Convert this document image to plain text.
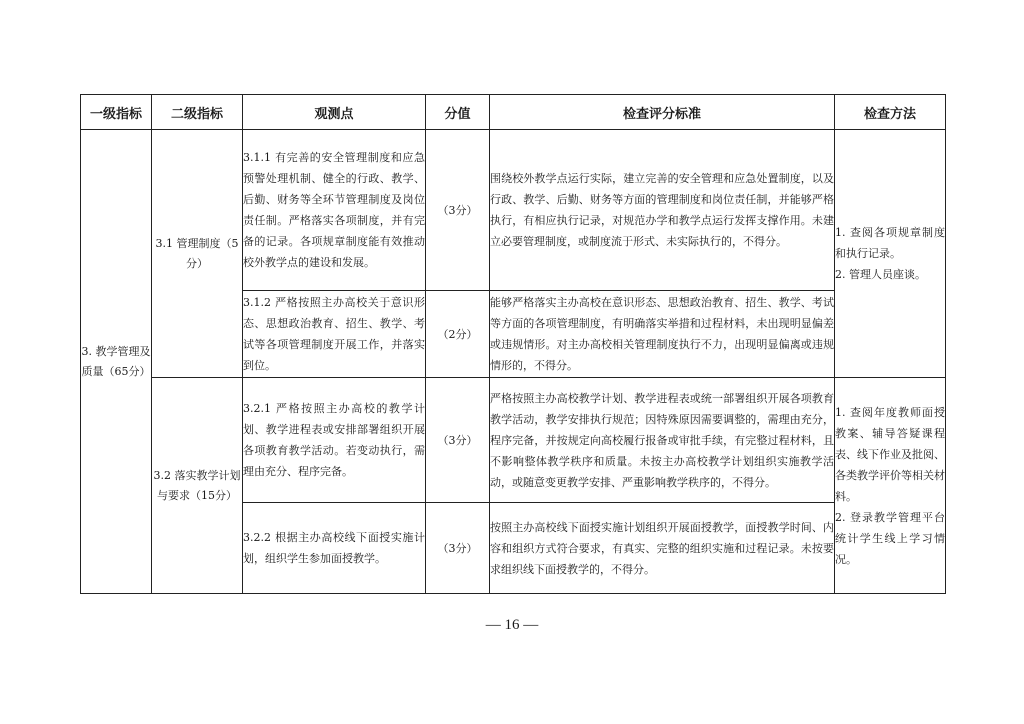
一级指标	二级指标	观测点	分值	检查评分标准	检查方法
3. 教学管理及质量（65分）	3.1 管理制度（5分）	3.1.1 有完善的安全管理制度和应急预警处理机制、健全的行政、教学、后勤、财务等全环节管理制度及岗位责任制。严格落实各项制度，并有完备的记录。各项规章制度能有效推动校外教学点的建设和发展。	（3分）	围绕校外教学点运行实际，建立完善的安全管理和应急处置制度，以及行政、教学、后勤、财务等方面的管理制度和岗位责任制，并能够严格执行，有相应执行记录，对规范办学和教学点运行发挥支撑作用。未建立必要管理制度，或制度流于形式、未实际执行的，不得分。	1. 查阅各项规章制度和执行记录。
2. 管理人员座谈。

		3.1.2 严格按照主办高校关于意识形态、思想政治教育、招生、教学、考试等各项管理制度开展工作，并落实到位。	（2分）	能够严格落实主办高校在意识形态、思想政治教育、招生、教学、考试等方面的各项管理制度，有明确落实举措和过程材料，未出现明显偏差或违规情形。对主办高校相关管理制度执行不力，出现明显偏离或违规情形的，不得分。	
	3.2 落实教学计划与要求（15分）	3.2.1 严格按照主办高校的教学计划、教学进程表或安排部署组织开展各项教育教学活动。若变动执行，需理由充分、程序完备。	（3分）	严格按照主办高校教学计划、教学进程表或统一部署组织开展各项教育教学活动，教学安排执行规范；因特殊原因需要调整的，需理由充分，程序完备，并按规定向高校履行报备或审批手续，有完整过程材料，且不影响整体教学秩序和质量。未按主办高校教学计划组织实施教学活动，或随意变更教学安排、严重影响教学秩序的，不得分。	1. 查阅年度教师面授教案、辅导答疑课程表、线下作业及批阅、各类教学评价等相关材料。
2. 登录教学管理平台统计学生线上学习情况。

		3.2.2 根据主办高校线下面授实施计划，组织学生参加面授教学。	（3分）	按照主办高校线下面授实施计划组织开展面授教学，面授教学时间、内容和组织方式符合要求，有真实、完整的组织实施和过程记录。未按要求组织线下面授教学的，不得分。	
— 16 —
